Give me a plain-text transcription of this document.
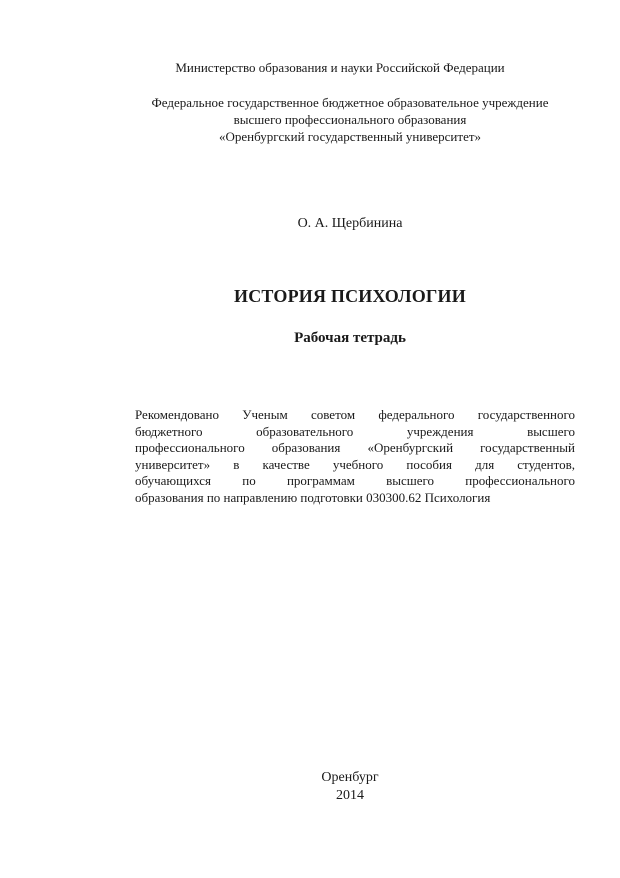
Министерство образования и науки Российской Федерации
Федеральное государственное бюджетное образовательное учреждение
высшего профессионального образования
«Оренбургский государственный университет»
О. А. Щербинина
ИСТОРИЯ ПСИХОЛОГИИ
Рабочая тетрадь
Рекомендовано Ученым советом федерального государственного
бюджетного образовательного учреждения высшего
профессионального образования «Оренбургский государственный
университет» в качестве учебного пособия для студентов,
обучающихся по программам высшего профессионального
образования по направлению подготовки 030300.62 Психология
Оренбург
2014
